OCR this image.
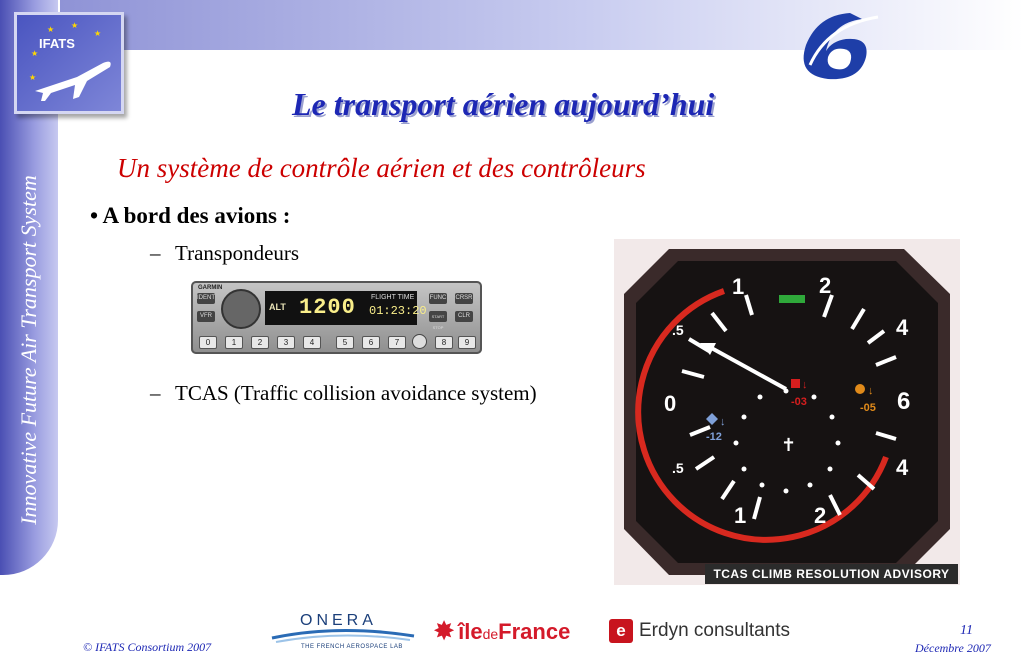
Innovative Future Air Transport System
★
★ ★
★
★
IFATS
Le transport aérien aujourd’hui
Un système de contrôle aérien et des contrôleurs
• A bord des avions :
– Transpondeurs
– TCAS (Traffic collision avoidance system)
GARMIN
IDENT
VFR
ALT 1200 FLIGHT TIME
01:23:20
FUNC CRSR
START STOP
CLR
0	1	2	3	4	5	6	7	8	9
1	2
4
6
.5
0
.5
1	2
4
✝
↓
-03
↓
-05
↓
-12
TCAS CLIMB RESOLUTION ADVISORY
© IFATS Consortium 2007
ONERA
THE FRENCH AEROSPACE LAB
✸ îledeFrance	e Erdyn consultants	11
Décembre 2007
